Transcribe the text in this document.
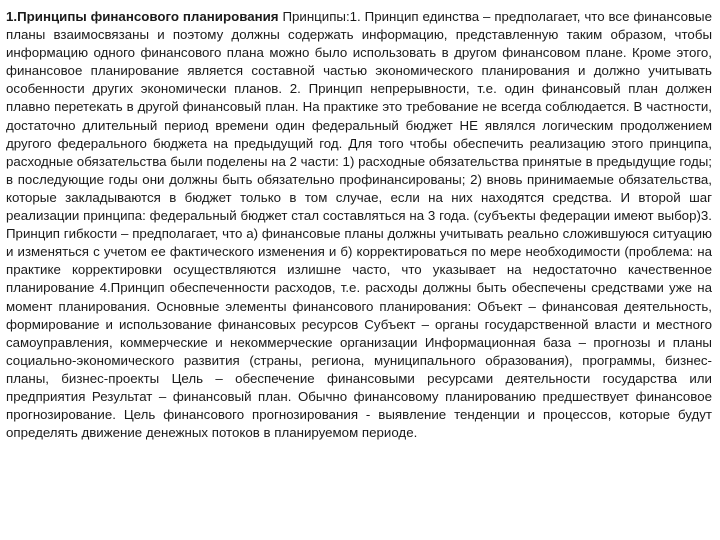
1.Принципы финансового планирования Принципы:1. Принцип единства – предполагает, что все финансовые планы взаимосвязаны и поэтому должны содержать информацию, представленную таким образом, чтобы информацию одного финансового плана можно было использовать в другом финансовом плане. Кроме этого, финансовое планирование является составной частью экономического планирования и должно учитывать особенности других экономически планов. 2. Принцип непрерывности, т.е. один финансовый план должен плавно перетекать в другой финансовый план. На практике это требование не всегда соблюдается. В частности, достаточно длительный период времени один федеральный бюджет НЕ являлся логическим продолжением другого федерального бюджета на предыдущий год. Для того чтобы обеспечить реализацию этого принципа, расходные обязательства были поделены на 2 части: 1) расходные обязательства принятые в предыдущие годы; в последующие годы они должны быть обязательно профинансированы; 2) вновь принимаемые обязательства, которые закладываются в бюджет только в том случае, если на них находятся средства. И второй шаг реализации принципа: федеральный бюджет стал составляться на 3 года. (субъекты федерации имеют выбор)3. Принцип гибкости – предполагает, что а) финансовые планы должны учитывать реально сложившуюся ситуацию и изменяться с учетом ее фактического изменения и б) корректироваться по мере необходимости (проблема: на практике корректировки осуществляются излишне часто, что указывает на недостаточно качественное планирование 4.Принцип обеспеченности расходов, т.е. расходы должны быть обеспечены средствами уже на момент планирования. Основные элементы финансового планирования: Объект – финансовая деятельность, формирование и использование финансовых ресурсов Субъект – органы государственной власти и местного самоуправления, коммерческие и некоммерческие организации Информационная база – прогнозы и планы социально-экономического развития (страны, региона, муниципального образования), программы, бизнес-планы, бизнес-проекты Цель – обеспечение финансовыми ресурсами деятельности государства или предприятия Результат – финансовый план. Обычно финансовому планированию предшествует финансовое прогнозирование. Цель финансового прогнозирования - выявление тенденции и процессов, которые будут определять движение денежных потоков в планируемом периоде.
